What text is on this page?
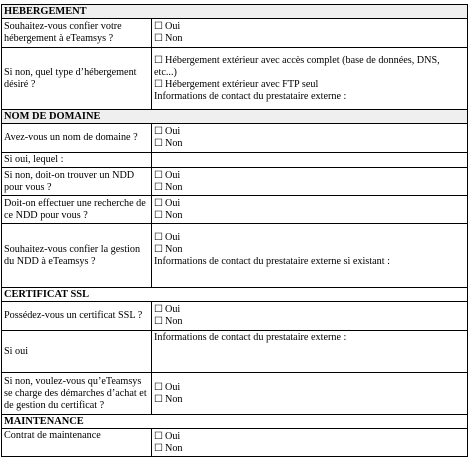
HEBERGEMENT	
Souhaitez-vous confier votre hébergement à eTeamsys ?	☐ Oui
☐ Non

Si non, quel type d’hébergement désiré ?	☐ Hébergement extérieur avec accès complet (base de données, DNS, etc...)
☐ Hébergement extérieur avec FTP seul
Informations de contact du prestataire externe :

NOM DE DOMAINE	
Avez-vous un nom de domaine ?	☐ Oui
☐ Non

Si oui, lequel :	
Si non, doit-on trouver un NDD pour vous ?	☐ Oui
☐ Non

Doit-on effectuer une recherche de ce NDD pour vous ?	☐ Oui
☐ Non

Souhaitez-vous confier la gestion du NDD à eTeamsys ?	☐ Oui
☐ Non
Informations de contact du prestataire externe si existant :

CERTIFICAT SSL	
Possédez-vous un certificat SSL ?	☐ Oui
☐ Non

Si oui	Informations de contact du prestataire externe :

Si non, voulez-vous qu’eTeamsys se charge des démarches d’achat et de gestion du certificat ?	☐ Oui
☐ Non

MAINTENANCE	
Contrat de maintenance	☐ Oui
☐ Non
